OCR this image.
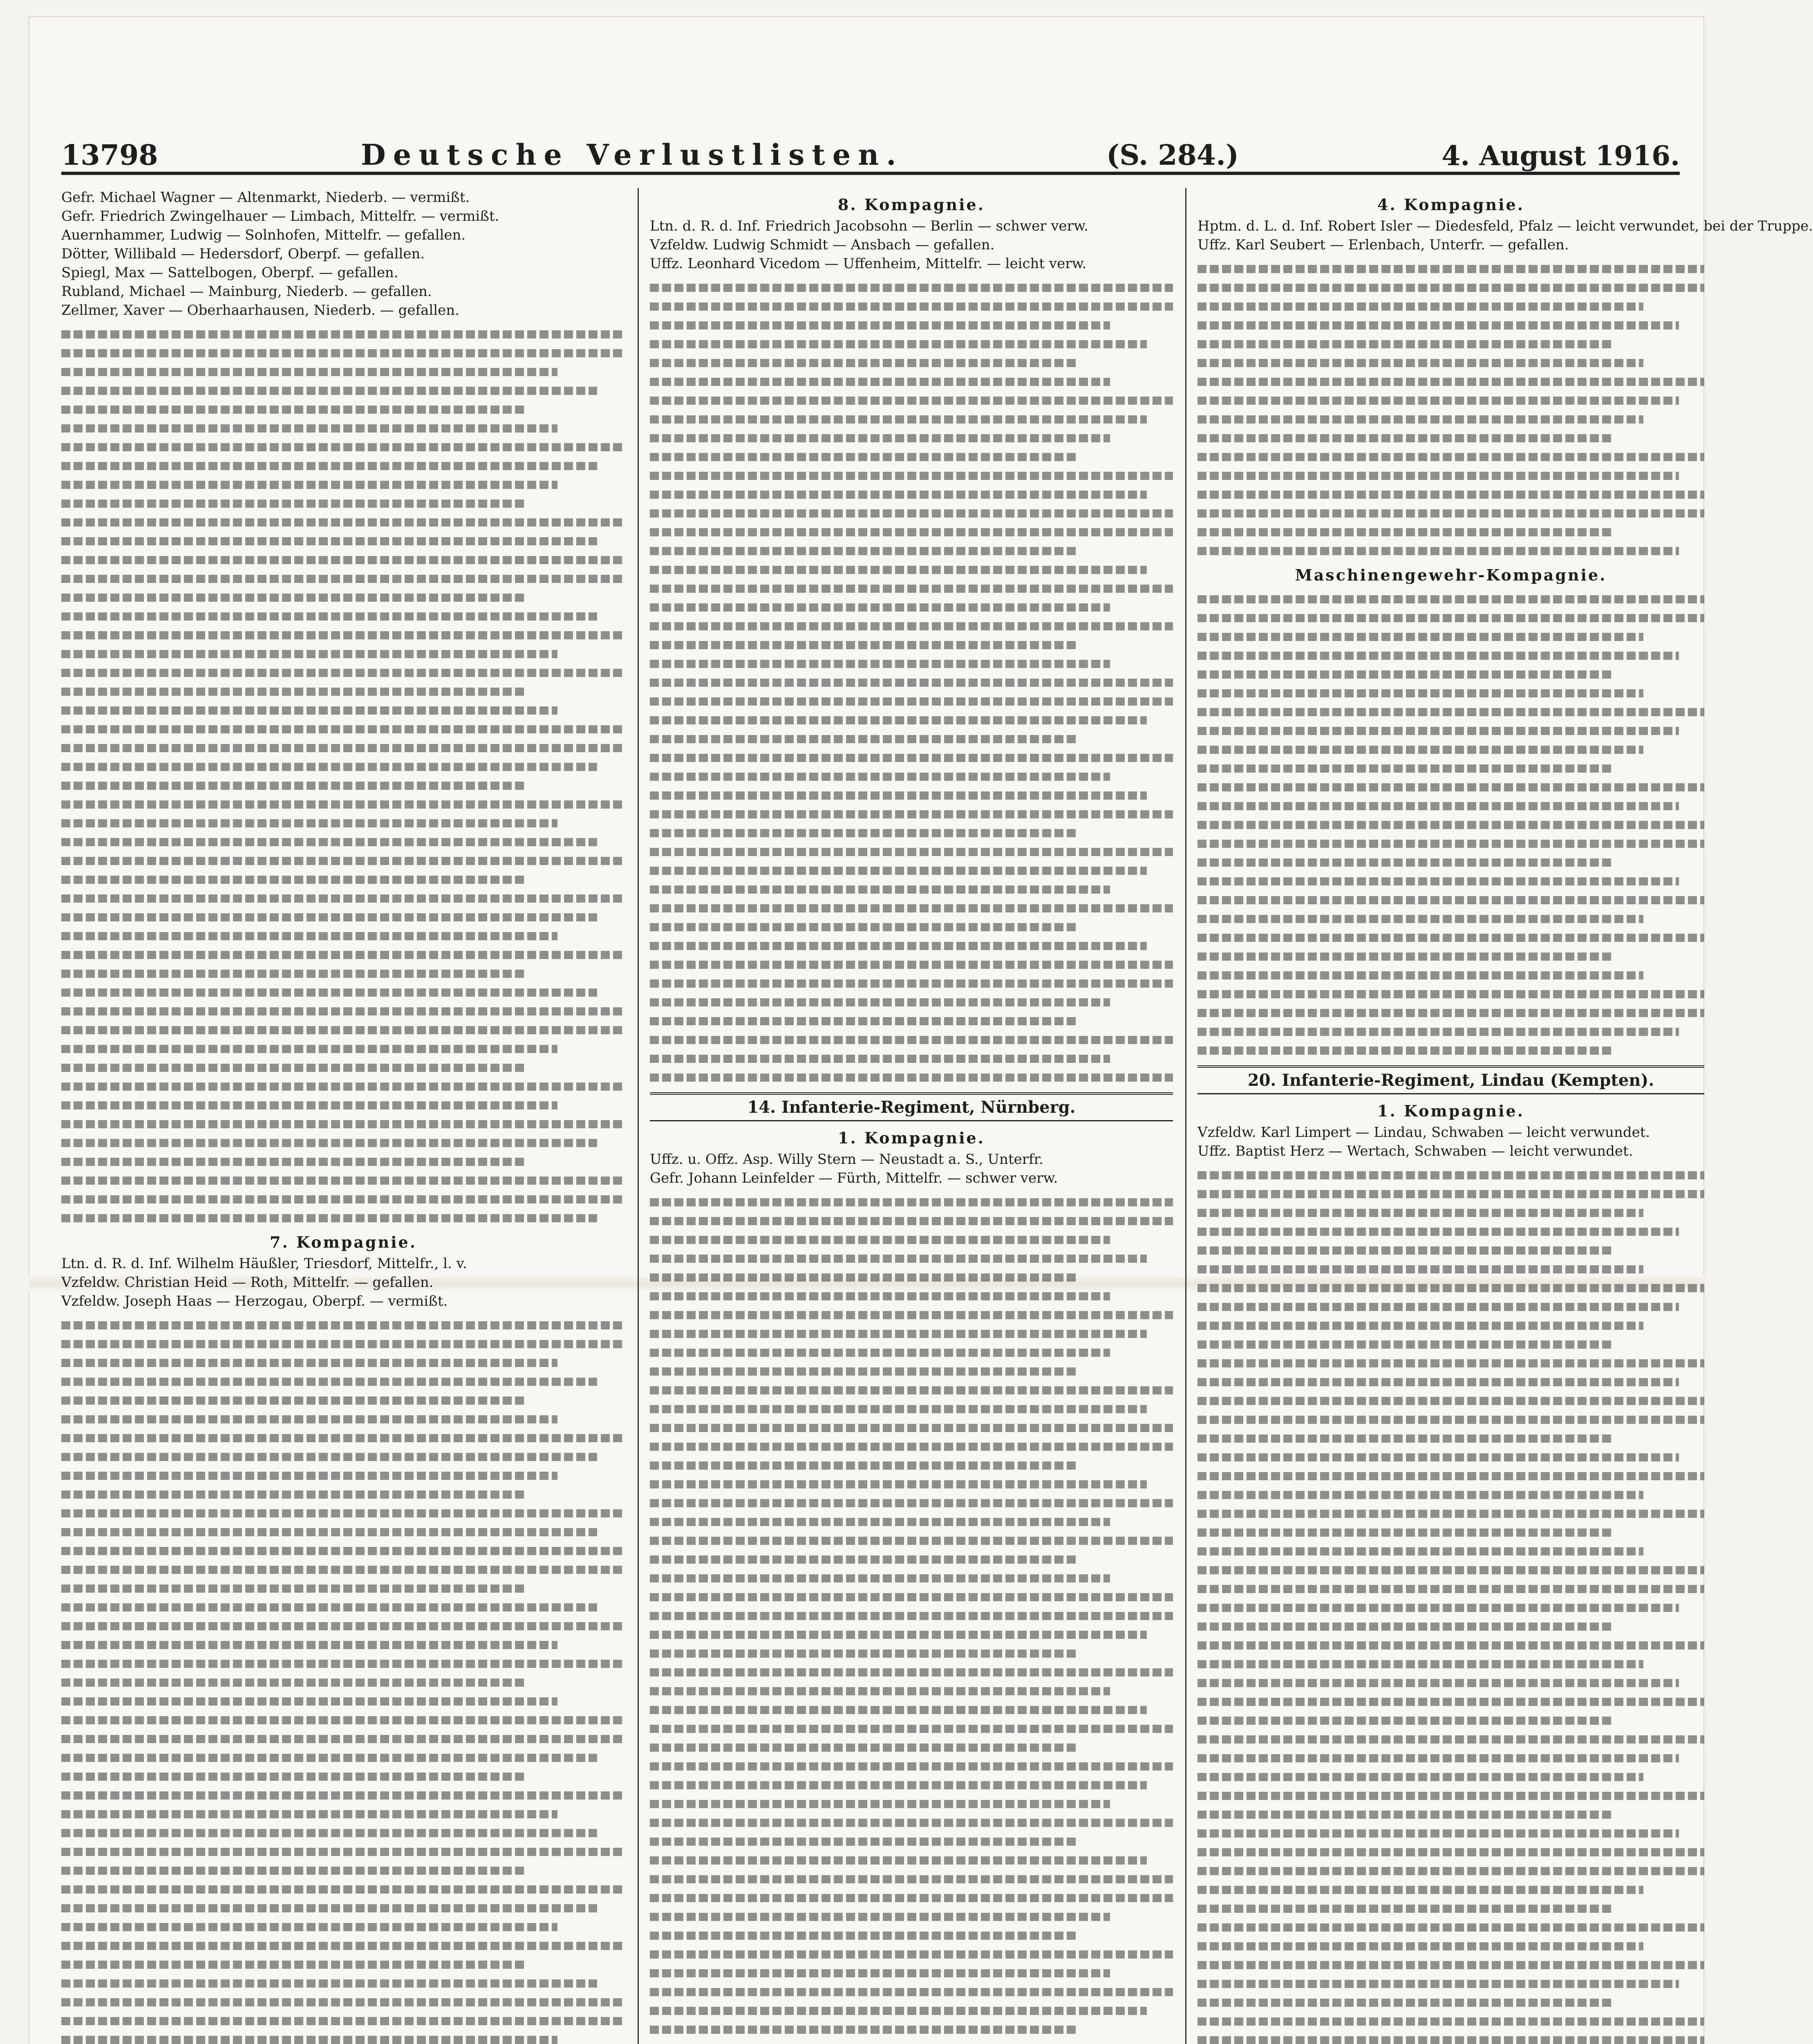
13798	Deutsche Verlustlisten.	(S. 284.)	4. August 1916.
Gefr. Michael Wagner — Altenmarkt, Niederb. — vermißt.
Gefr. Friedrich Zwingelhauer — Limbach, Mittelfr. — vermißt.
Auernhammer, Ludwig — Solnhofen, Mittelfr. — gefallen.
Dötter, Willibald — Hedersdorf, Oberpf. — gefallen.
Spiegl, Max — Sattelbogen, Oberpf. — gefallen.
Rubland, Michael — Mainburg, Niederb. — gefallen.
Zellmer, Xaver — Oberhaarhausen, Niederb. — gefallen.
7. Kompagnie.
Ltn. d. R. d. Inf. Wilhelm Häußler, Triesdorf, Mittelfr., l. v.
Vzfeldw. Christian Heid — Roth, Mittelfr. — gefallen.
Vzfeldw. Joseph Haas — Herzogau, Oberpf. — vermißt.
8. Kompagnie.
Ltn. d. R. d. Inf. Friedrich Jacobsohn — Berlin — schwer verw.
Vzfeldw. Ludwig Schmidt — Ansbach — gefallen.
Uffz. Leonhard Vicedom — Uffenheim, Mittelfr. — leicht verw.
14. Infanterie-Regiment, Nürnberg.
1. Kompagnie.
Uffz. u. Offz. Asp. Willy Stern — Neustadt a. S., Unterfr.
Gefr. Johann Leinfelder — Fürth, Mittelfr. — schwer verw.
4. Kompagnie.
Hptm. d. L. d. Inf. Robert Isler — Diedesfeld, Pfalz — leicht verwundet, bei der Truppe.
Uffz. Karl Seubert — Erlenbach, Unterfr. — gefallen.
Maschinengewehr-Kompagnie.
20. Infanterie-Regiment, Lindau (Kempten).
1. Kompagnie.
Vzfeldw. Karl Limpert — Lindau, Schwaben — leicht verwundet.
Uffz. Baptist Herz — Wertach, Schwaben — leicht verwundet.
